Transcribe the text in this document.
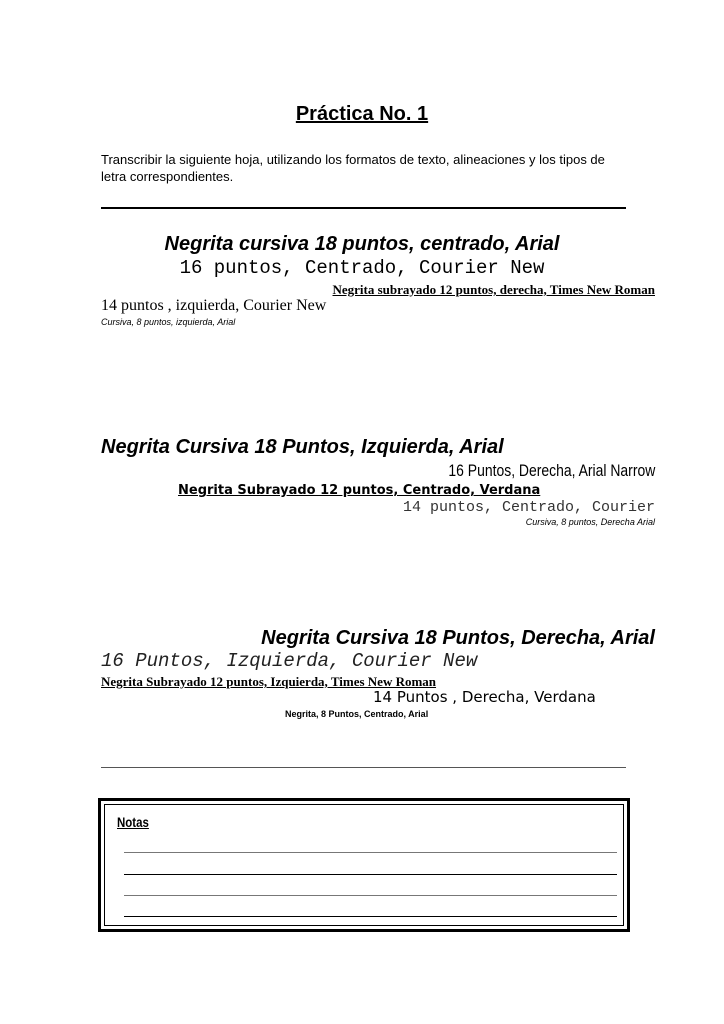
Práctica No. 1

Transcribir la siguiente hoja, utilizando los formatos de texto, alineaciones y los tipos de letra correspondientes.

Negrita cursiva 18 puntos, centrado, Arial
16 puntos, Centrado, Courier New
Negrita subrayado 12 puntos, derecha, Times New Roman
14 puntos , izquierda, Courier New
Cursiva, 8 puntos, izquierda, Arial
Negrita Cursiva 18 Puntos, Izquierda, Arial
16 Puntos, Derecha, Arial Narrow
Negrita Subrayado 12 puntos, Centrado, Verdana
14 puntos, Centrado, Courier
Cursiva, 8 puntos, Derecha Arial
Negrita Cursiva 18 Puntos, Derecha, Arial
16 Puntos, Izquierda, Courier New
Negrita Subrayado 12 puntos, Izquierda, Times New Roman
14 Puntos , Derecha, Verdana
Negrita, 8 Puntos, Centrado, Arial
Notas
